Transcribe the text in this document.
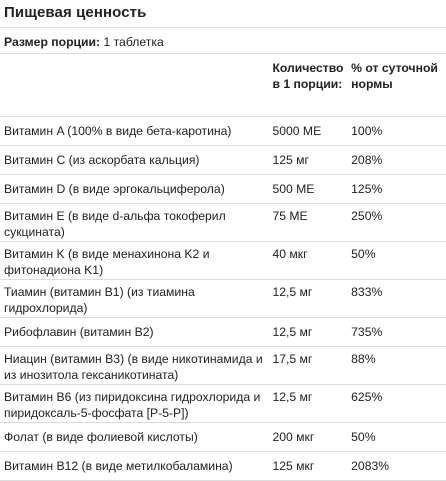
Пищевая ценность
Размер порции: 1 таблетка
	Количество в 1 порции:	% от суточной нормы
Витамин A (100% в виде бета-каротина)	5000 МЕ	100%
Витамин C (из аскорбата кальция)	125 мг	208%
Витамин D (в виде эргокальциферола)	500 МЕ	125%
Витамин E (в виде d-альфа токоферил сукцината)	75 МЕ	250%
Витамин K (в виде менахинона K2 и фитонадиона K1)	40 мкг	50%
Тиамин (витамин B1) (из тиамина гидрохлорида)	12,5 мг	833%
Рибофлавин (витамин B2)	12,5 мг	735%
Ниацин (витамин B3) (в виде никотинамида и из инозитола гексаникотината)	17,5 мг	88%
Витамин B6 (из пиридоксина гидрохлорида и пиридоксаль-5-фосфата [P-5-P])	12,5 мг	625%
Фолат (в виде фолиевой кислоты)	200 мкг	50%
Витамин B12 (в виде метилкобаламина)	125 мкг	2083%
